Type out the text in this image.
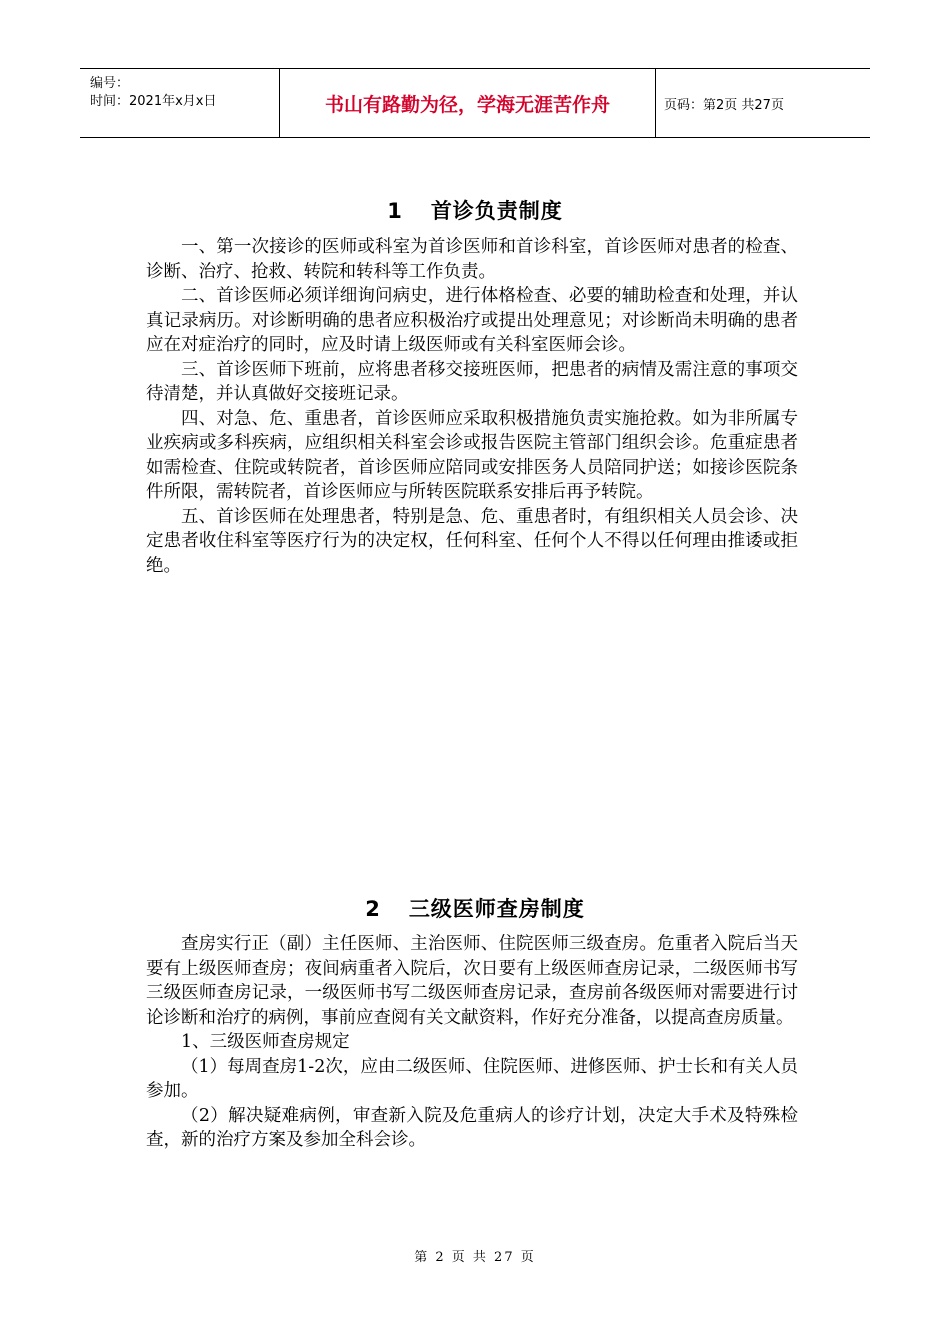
编号：
时间：2021年x月x日	书山有路勤为径，学海无涯苦作舟	页码：第2页 共27页
1 首诊负责制度

一、第一次接诊的医师或科室为首诊医师和首诊科室，首诊医师对患者的检查、诊断、治疗、抢救、转院和转科等工作负责。

二、首诊医师必须详细询问病史，进行体格检查、必要的辅助检查和处理，并认真记录病历。对诊断明确的患者应积极治疗或提出处理意见；对诊断尚未明确的患者应在对症治疗的同时，应及时请上级医师或有关科室医师会诊。

三、首诊医师下班前，应将患者移交接班医师，把患者的病情及需注意的事项交待清楚，并认真做好交接班记录。

四、对急、危、重患者，首诊医师应采取积极措施负责实施抢救。如为非所属专业疾病或多科疾病，应组织相关科室会诊或报告医院主管部门组织会诊。危重症患者如需检查、住院或转院者，首诊医师应陪同或安排医务人员陪同护送；如接诊医院条件所限，需转院者，首诊医师应与所转医院联系安排后再予转院。

五、首诊医师在处理患者，特别是急、危、重患者时，有组织相关人员会诊、决定患者收住科室等医疗行为的决定权，任何科室、任何个人不得以任何理由推诿或拒绝。

2 三级医师查房制度

查房实行正（副）主任医师、主治医师、住院医师三级查房。危重者入院后当天要有上级医师查房；夜间病重者入院后，次日要有上级医师查房记录，二级医师书写三级医师查房记录，一级医师书写二级医师查房记录，查房前各级医师对需要进行讨论诊断和治疗的病例，事前应查阅有关文献资料，作好充分准备，以提高查房质量。

1、三级医师查房规定

（1）每周查房1-2次，应由二级医师、住院医师、进修医师、护士长和有关人员参加。

（2）解决疑难病例，审查新入院及危重病人的诊疗计划，决定大手术及特殊检查，新的治疗方案及参加全科会诊。

第 2 页 共 27 页
